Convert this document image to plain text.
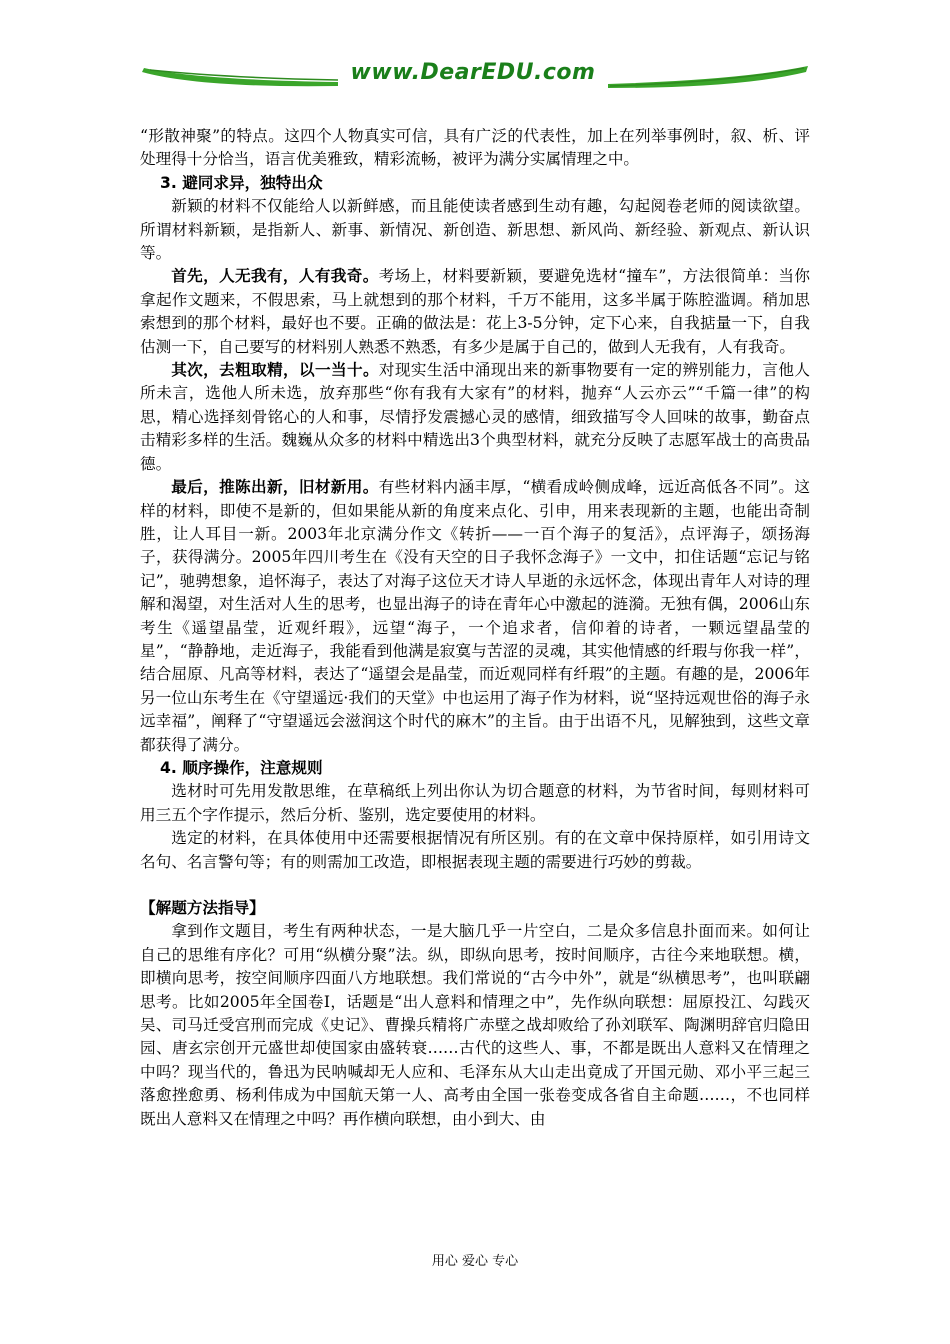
www.DearEDU.com

“形散神聚”的特点。这四个人物真实可信，具有广泛的代表性，加上在列举事例时，叙、析、评处理得十分恰当，语言优美雅致，精彩流畅，被评为满分实属情理之中。

3. 避同求异，独特出众

新颖的材料不仅能给人以新鲜感，而且能使读者感到生动有趣，勾起阅卷老师的阅读欲望。所谓材料新颖，是指新人、新事、新情况、新创造、新思想、新风尚、新经验、新观点、新认识等。

首先，人无我有，人有我奇。考场上，材料要新颖，要避免选材“撞车”，方法很简单：当你拿起作文题来，不假思索，马上就想到的那个材料，千万不能用，这多半属于陈腔滥调。稍加思索想到的那个材料，最好也不要。正确的做法是：花上3-5分钟，定下心来，自我掂量一下，自我估测一下，自己要写的材料别人熟悉不熟悉，有多少是属于自己的，做到人无我有，人有我奇。

其次，去粗取精，以一当十。对现实生活中涌现出来的新事物要有一定的辨别能力，言他人所未言，选他人所未选，放弃那些“你有我有大家有”的材料，抛弃“人云亦云”“千篇一律”的构思，精心选择刻骨铭心的人和事，尽情抒发震撼心灵的感情，细致描写令人回味的故事，勤奋点击精彩多样的生活。魏巍从众多的材料中精选出3个典型材料，就充分反映了志愿军战士的高贵品德。

最后，推陈出新，旧材新用。有些材料内涵丰厚，“横看成岭侧成峰，远近高低各不同”。这样的材料，即使不是新的，但如果能从新的角度来点化、引申，用来表现新的主题，也能出奇制胜，让人耳目一新。2003年北京满分作文《转折——一百个海子的复活》，点评海子，颂扬海子，获得满分。2005年四川考生在《没有天空的日子我怀念海子》一文中，扣住话题“忘记与铭记”，驰骋想象，追怀海子，表达了对海子这位天才诗人早逝的永远怀念，体现出青年人对诗的理解和渴望，对生活对人生的思考，也显出海子的诗在青年心中激起的涟漪。无独有偶，2006山东考生《遥望晶莹，近观纤瑕》，远望“海子，一个追求者，信仰着的诗者，一颗远望晶莹的星”，“静静地，走近海子，我能看到他满是寂寞与苦涩的灵魂，其实他情感的纤瑕与你我一样”，结合屈原、凡高等材料，表达了“遥望会是晶莹，而近观同样有纤瑕”的主题。有趣的是，2006年另一位山东考生在《守望遥远·我们的天堂》中也运用了海子作为材料，说“坚持远观世俗的海子永远幸福”，阐释了“守望遥远会滋润这个时代的麻木”的主旨。由于出语不凡，见解独到，这些文章都获得了满分。

4. 顺序操作，注意规则

选材时可先用发散思维，在草稿纸上列出你认为切合题意的材料，为节省时间，每则材料可用三五个字作提示，然后分析、鉴别，选定要使用的材料。

选定的材料，在具体使用中还需要根据情况有所区别。有的在文章中保持原样，如引用诗文名句、名言警句等；有的则需加工改造，即根据表现主题的需要进行巧妙的剪裁。

【解题方法指导】

拿到作文题目，考生有两种状态，一是大脑几乎一片空白，二是众多信息扑面而来。如何让自己的思维有序化？可用“纵横分聚”法。纵，即纵向思考，按时间顺序，古往今来地联想。横，即横向思考，按空间顺序四面八方地联想。我们常说的“古今中外”，就是“纵横思考”，也叫联翩思考。比如2005年全国卷Ⅰ，话题是“出人意料和情理之中”，先作纵向联想：屈原投江、勾践灭吴、司马迁受宫刑而完成《史记》、曹操兵精将广赤壁之战却败给了孙刘联军、陶渊明辞官归隐田园、唐玄宗创开元盛世却使国家由盛转衰……古代的这些人、事，不都是既出人意料又在情理之中吗？现当代的，鲁迅为民呐喊却无人应和、毛泽东从大山走出竟成了开国元勋、邓小平三起三落愈挫愈勇、杨利伟成为中国航天第一人、高考由全国一张卷变成各省自主命题……，不也同样既出人意料又在情理之中吗？再作横向联想，由小到大、由

用心 爱心 专心
